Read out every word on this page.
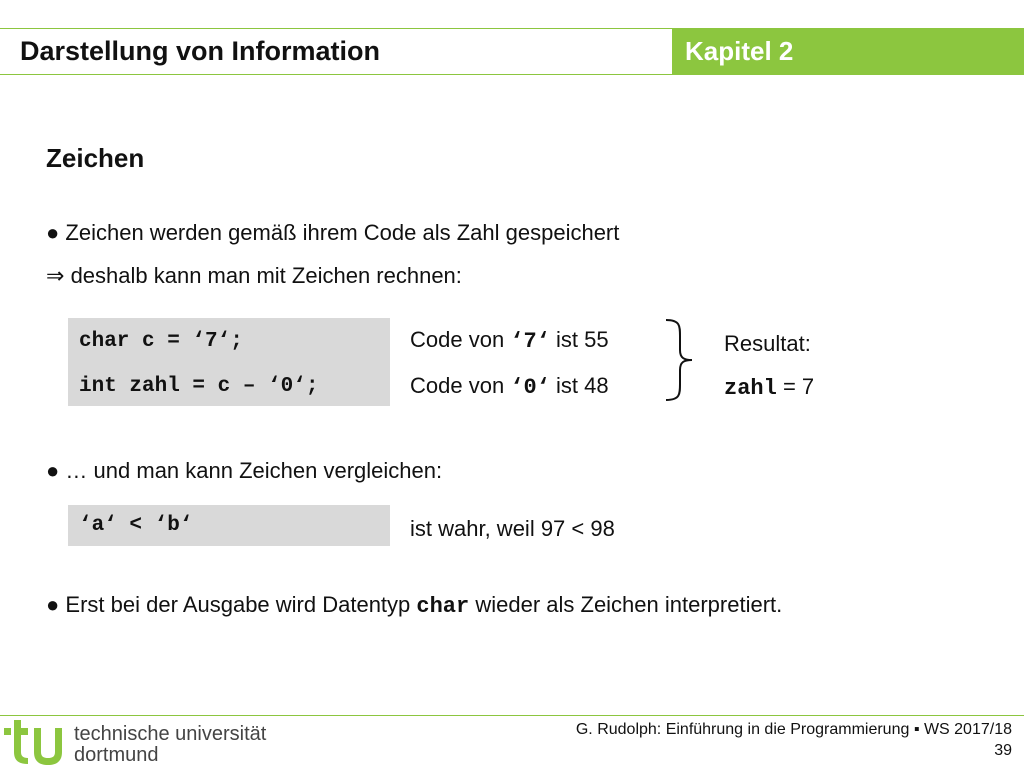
Darstellung von Information	Kapitel 2
Zeichen
● Zeichen werden gemäß ihrem Code als Zahl gespeichert
⇒ deshalb kann man mit Zeichen rechnen:
char c = ‘7‘;
int zahl = c – ‘0‘;
Code von ‘7‘ ist 55
Code von ‘0‘ ist 48
Resultat:
zahl = 7
● … und man kann Zeichen vergleichen:
‘a‘ < ‘b‘	ist wahr, weil 97 < 98
● Erst bei der Ausgabe wird Datentyp char wieder als Zeichen interpretiert.
technische universität
dortmund
G. Rudolph: Einführung in die Programmierung ▪ WS 2017/18
39
